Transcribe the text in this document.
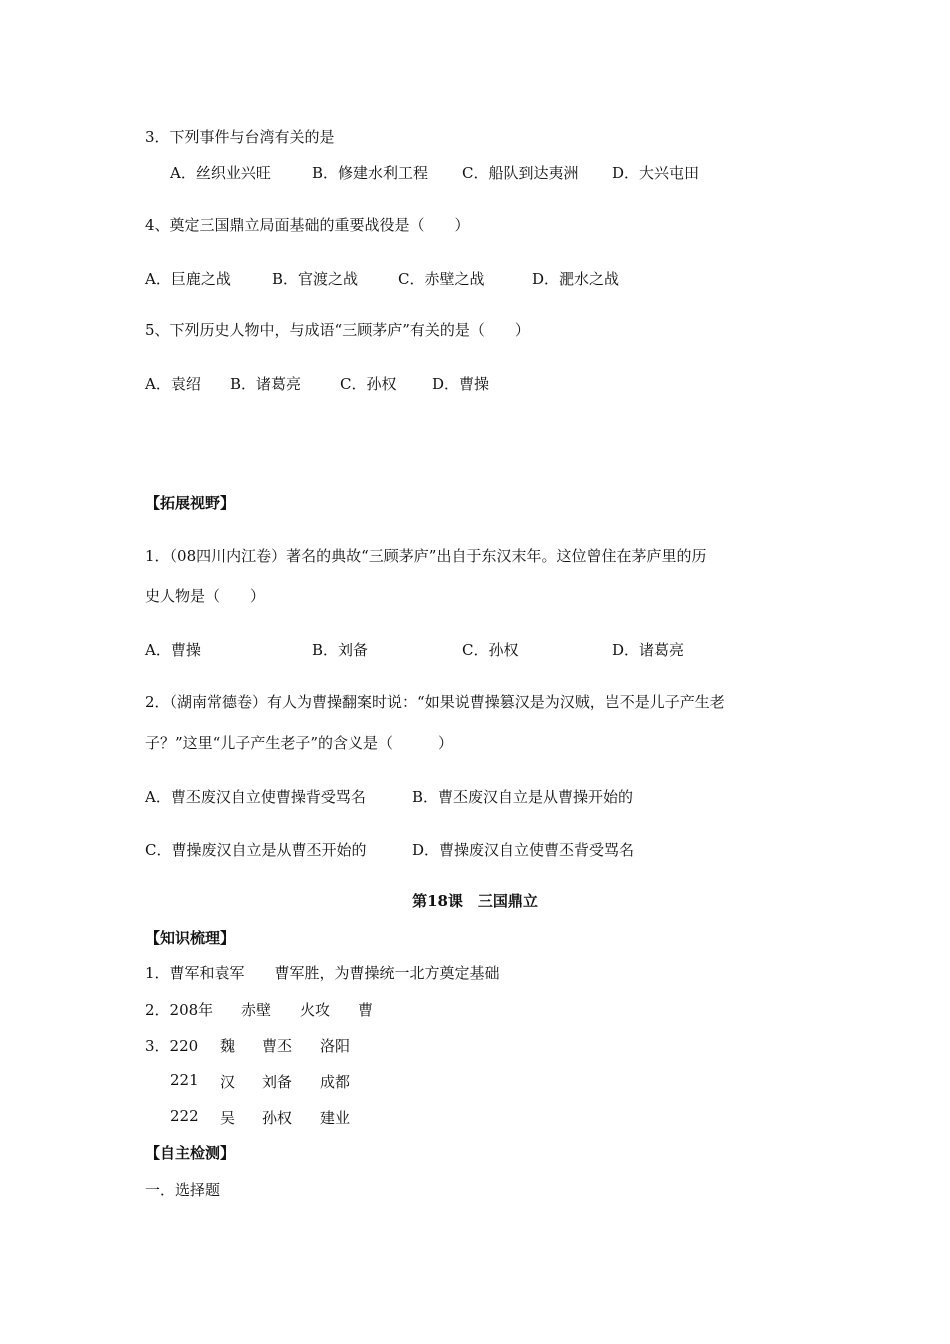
3．下列事件与台湾有关的是
A．丝织业兴旺	B．修建水利工程 C．船队到达夷洲 D．大兴屯田
4、奠定三国鼎立局面基础的重要战役是（　　）
A．巨鹿之战	B．官渡之战	C．赤壁之战	D．淝水之战
5、下列历史人物中，与成语“三顾茅庐”有关的是（　　）
A．袁绍 B．诸葛亮	C．孙权 D．曹操
【拓展视野】
1．（08四川内江卷）著名的典故“三顾茅庐”出自于东汉末年。这位曾住在茅庐里的历
史人物是（　　）
A．曹操	B．刘备	C．孙权	D．诸葛亮
2．（湖南常德卷）有人为曹操翻案时说：“如果说曹操篡汉是为汉贼，岂不是儿子产生老
子？”这里“儿子产生老子”的含义是（　　　）
A．曹丕废汉自立使曹操背受骂名	B．曹丕废汉自立是从曹操开始的
C．曹操废汉自立是从曹丕开始的	D．曹操废汉自立使曹丕背受骂名
第18课　三国鼎立
【知识梳理】
1．曹军和袁军　　曹军胜，为曹操统一北方奠定基础
2．208年 赤壁 火攻 曹
3．220 魏 曹丕 洛阳
221 汉 刘备 成都
222 吴 孙权 建业
【自主检测】
一．选择题
